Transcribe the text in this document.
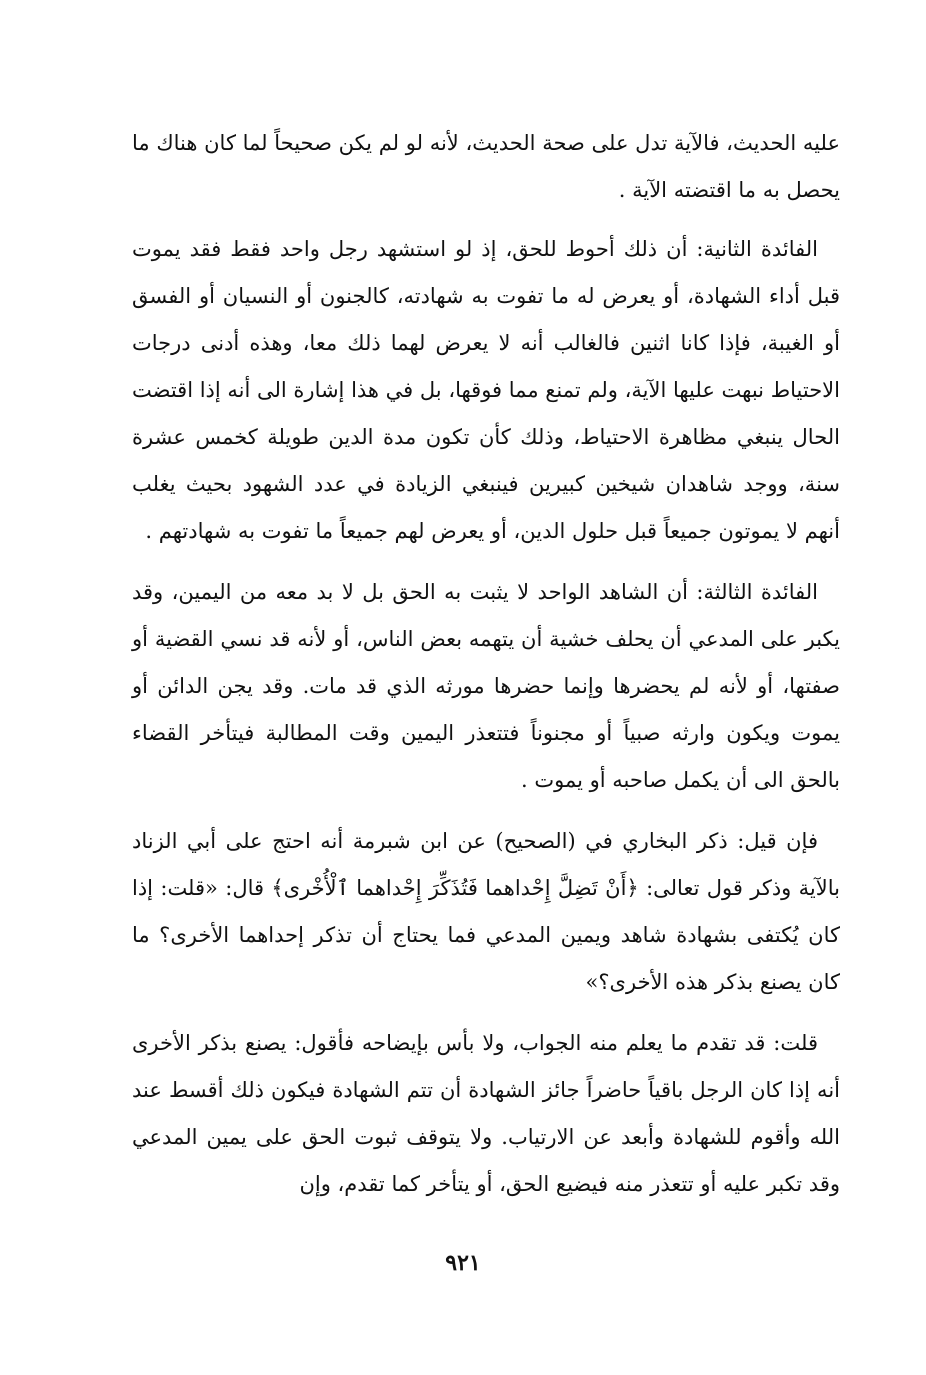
عليه الحديث، فالآية تدل على صحة الحديث، لأنه لو لم يكن صحيحاً لما كان هناك ما يحصل به ما اقتضته الآية .

الفائدة الثانية: أن ذلك أحوط للحق، إذ لو استشهد رجل واحد فقط فقد يموت قبل أداء الشهادة، أو يعرض له ما تفوت به شهادته، كالجنون أو النسيان أو الفسق أو الغيبة، فإذا كانا اثنين فالغالب أنه لا يعرض لهما ذلك معا، وهذه أدنى درجات الاحتياط نبهت عليها الآية، ولم تمنع مما فوقها، بل في هذا إشارة الى أنه إذا اقتضت الحال ينبغي مظاهرة الاحتياط، وذلك كأن تكون مدة الدين طويلة كخمس عشرة سنة، ووجد شاهدان شيخين كبيرين فينبغي الزيادة في عدد الشهود بحيث يغلب أنهم لا يموتون جميعاً قبل حلول الدين، أو يعرض لهم جميعاً ما تفوت به شهادتهم .

الفائدة الثالثة: أن الشاهد الواحد لا يثبت به الحق بل لا بد معه من اليمين، وقد يكبر على المدعي أن يحلف خشية أن يتهمه بعض الناس، أو لأنه قد نسي القضية أو صفتها، أو لأنه لم يحضرها وإنما حضرها مورثه الذي قد مات. وقد يجن الدائن أو يموت ويكون وارثه صبياً أو مجنوناً فتتعذر اليمين وقت المطالبة فيتأخر القضاء بالحق الى أن يكمل صاحبه أو يموت .

فإن قيل: ذكر البخاري في (الصحيح) عن ابن شبرمة أنه احتج على أبي الزناد بالآية وذكر قول تعالى: ﴿أَنْ تَضِلَّ إِحْداهما فَتُذَكِّرَ إِحْداهما ٱلْأُخْرى﴾ قال: «قلت: إذا كان يُكتفى بشهادة شاهد ويمين المدعي فما يحتاج أن تذكر إحداهما الأخرى؟ ما كان يصنع بذكر هذه الأخرى؟»

قلت: قد تقدم ما يعلم منه الجواب، ولا بأس بإيضاحه فأقول: يصنع بذكر الأخرى أنه إذا كان الرجل باقياً حاضراً جائز الشهادة أن تتم الشهادة فيكون ذلك أقسط عند الله وأقوم للشهادة وأبعد عن الارتياب. ولا يتوقف ثبوت الحق على يمين المدعي وقد تكبر عليه أو تتعذر منه فيضيع الحق، أو يتأخر كما تقدم، وإن

٩٢١
